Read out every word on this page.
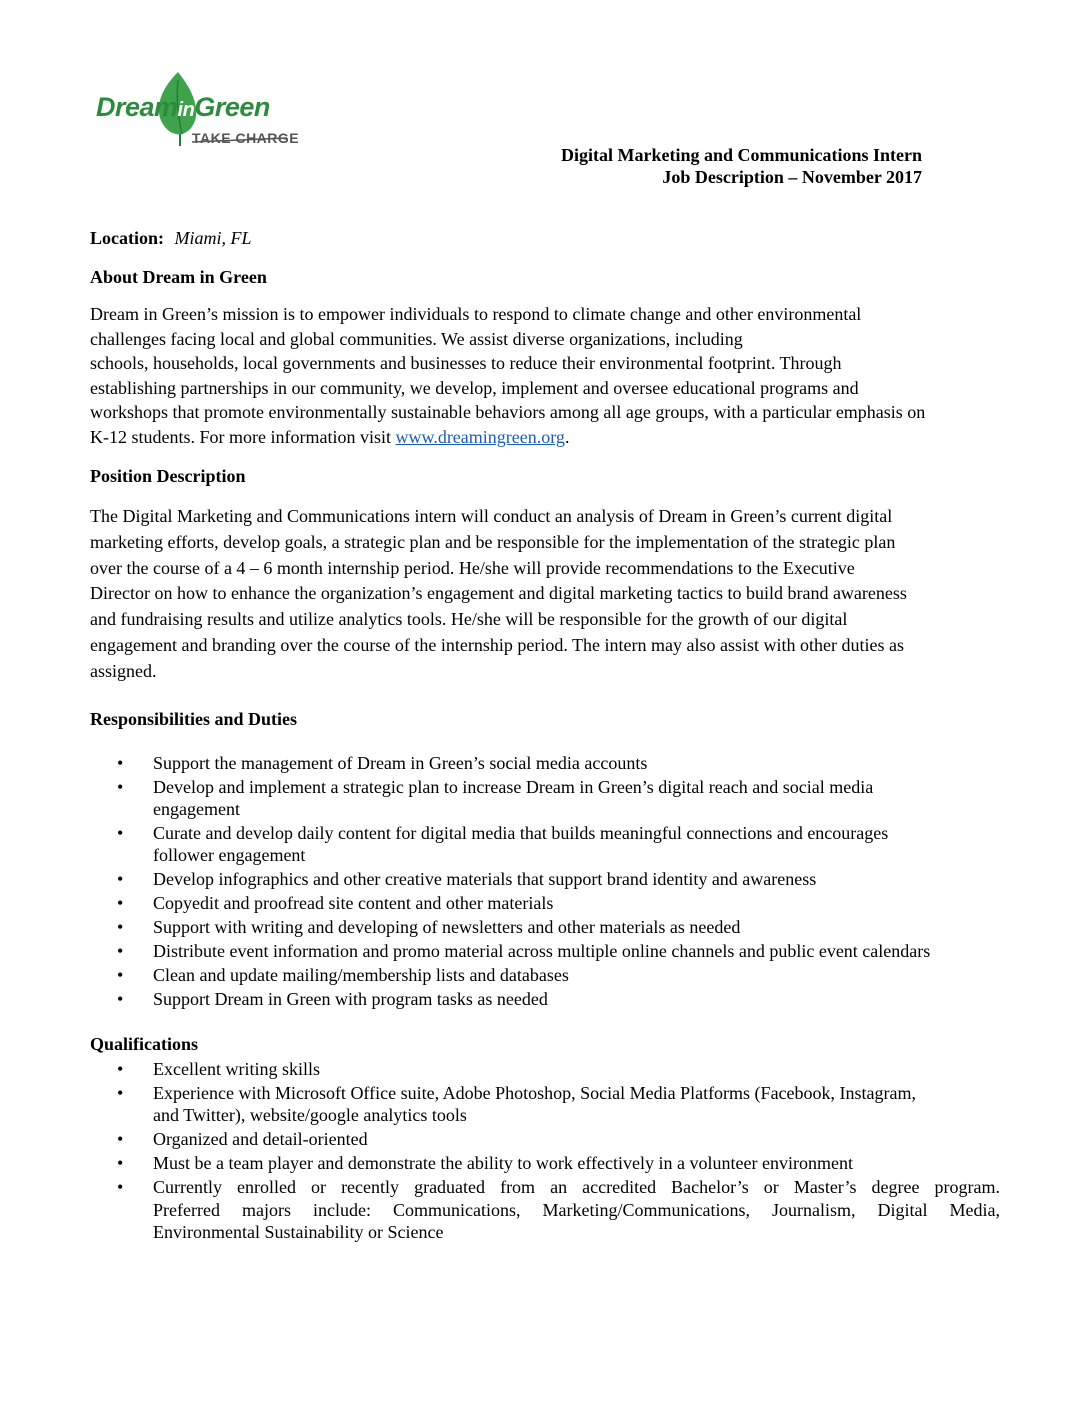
DreaminGreen
TAKE CHARGE
Digital Marketing and Communications Intern
Job Description – November 2017

Location: Miami, FL

About Dream in Green
Dream in Green’s mission is to empower individuals to respond to climate change and other environmental
challenges facing local and global communities. We assist diverse organizations, including
schools, households, local governments and businesses to reduce their environmental footprint. Through
establishing partnerships in our community, we develop, implement and oversee educational programs and
workshops that promote environmentally sustainable behaviors among all age groups, with a particular emphasis on
K-12 students. For more information visit www.dreamingreen.org.
Position Description
The Digital Marketing and Communications intern will conduct an analysis of Dream in Green’s current digital
marketing efforts, develop goals, a strategic plan and be responsible for the implementation of the strategic plan
over the course of a 4 – 6 month internship period. He/she will provide recommendations to the Executive
Director on how to enhance the organization’s engagement and digital marketing tactics to build brand awareness
and fundraising results and utilize analytics tools. He/she will be responsible for the growth of our digital
engagement and branding over the course of the internship period. The intern may also assist with other duties as
assigned.
Responsibilities and Duties
• Support the management of Dream in Green’s social media accounts
• Develop and implement a strategic plan to increase Dream in Green’s digital reach and social media
engagement
• Curate and develop daily content for digital media that builds meaningful connections and encourages
follower engagement
• Develop infographics and other creative materials that support brand identity and awareness
• Copyedit and proofread site content and other materials
• Support with writing and developing of newsletters and other materials as needed
• Distribute event information and promo material across multiple online channels and public event calendars
• Clean and update mailing/membership lists and databases
• Support Dream in Green with program tasks as needed
Qualifications
• Excellent writing skills
• Experience with Microsoft Office suite, Adobe Photoshop, Social Media Platforms (Facebook, Instagram,
and Twitter), website/google analytics tools
• Organized and detail-oriented
• Must be a team player and demonstrate the ability to work effectively in a volunteer environment
• Currently enrolled or recently graduated from an accredited Bachelor’s or Master’s degree program.
Preferred majors include: Communications, Marketing/Communications, Journalism, Digital Media,
Environmental Sustainability or Science
